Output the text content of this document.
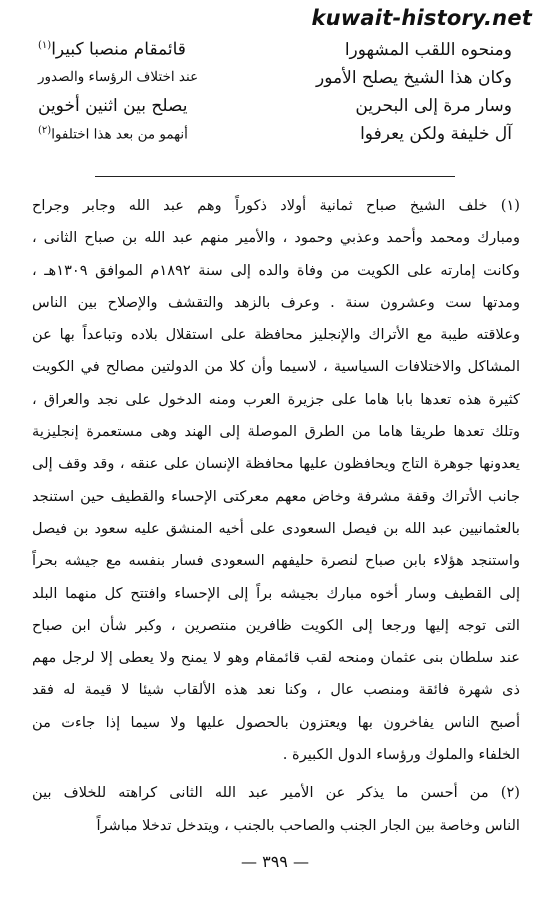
kuwait-history.net
ومنحوه اللقب المشهورا
قائمقام منصبا كبيرا$^{(١)}$
وكان هذا الشيخ يصلح الأمور
عند اختلاف الرؤساء والصدور
وسار مرة إلى البحرين
يصلح بين اثنين أخوين
آل خليفة ولكن يعرفوا
أنهمو من بعد هذا اختلفوا$^{(٢)}$
(١) خلف الشيخ صباح ثمانية أولاد ذكوراً وهم عبد الله وجابر وجراح
ومبارك ومحمد وأحمد وعذبي وحمود ، والأمير منهم عبد الله بن صباح الثانى ،
وكانت إمارته على الكويت من وفاة والده إلى سنة ١٨٩٢م الموافق ١٣٠٩هـ ،
ومدتها ست وعشرون سنة . وعرف بالزهد والتقشف والإصلاح بين الناس
وعلاقته طيبة مع الأتراك والإنجليز محافظة على استقلال بلاده وتباعداً بها عن
المشاكل والاختلافات السياسية ، لاسيما وأن كلا من الدولتين مصالح في الكويت
كثيرة هذه تعدها بابا هاما على جزيرة العرب ومنه الدخول على نجد والعراق ،
وتلك تعدها طريقا هاما من الطرق الموصلة إلى الهند وهى مستعمرة إنجليزية
يعدونها جوهرة التاج ويحافظون عليها محافظة الإنسان على عنقه ، وقد وقف إلى
جانب الأتراك وقفة مشرفة وخاض معهم معركتى الإحساء والقطيف حين استنجد
بالعثمانيين عبد الله بن فيصل السعودى على أخيه المنشق عليه سعود بن فيصل
واستنجد هؤلاء بابن صباح لنصرة حليفهم السعودى فسار بنفسه مع جيشه بحراً
إلى القطيف وسار أخوه مبارك بجيشه براً إلى الإحساء وافتتح كل منهما البلد
التى توجه إليها ورجعا إلى الكويت ظافرين منتصرين ، وكبر شأن ابن صباح
عند سلطان بنى عثمان ومنحه لقب قائمقام وهو لا يمنح ولا يعطى إلا لرجل مهم
ذى شهرة فائقة ومنصب عال ، وكنا نعد هذه الألقاب شيئا لا قيمة له فقد
أصبح الناس يفاخرون بها ويعتزون بالحصول عليها ولا سيما إذا جاءت من
الخلفاء والملوك ورؤساء الدول الكبيرة .
(٢) من أحسن ما يذكر عن الأمير عبد الله الثانى كراهته للخلاف بين
الناس وخاصة بين الجار الجنب والصاحب بالجنب ، ويتدخل تدخلا مباشراً
— ٣٩٩ —
